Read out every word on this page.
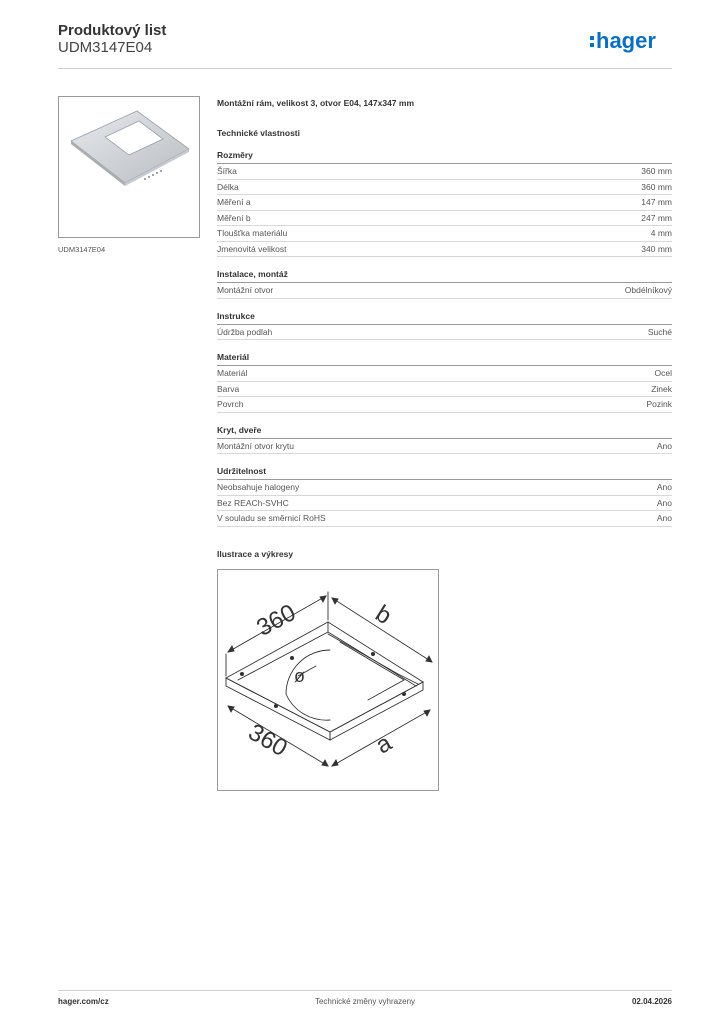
Produktový list
UDM3147E04	hager
UDM3147E04
Montážní rám, velikost 3, otvor E04, 147x347 mm
Technické vlastnosti
Rozměry
Šířka	360 mm
Délka	360 mm
Měření a	147 mm
Měření b	247 mm
Tloušťka materiálu	4 mm
Jmenovitá velikost	340 mm
Instalace, montáž
Montážní otvor	Obdélníkový
Instrukce
Údržba podlah	Suché
Materiál
Materiál	Ocel
Barva	Zinek
Povrch	Pozink
Kryt, dveře
Montážní otvor krytu	Ano
Udržitelnost
Neobsahuje halogeny	Ano
Bez REACh-SVHC	Ano
V souladu se směrnicí RoHS	Ano
Ilustrace a výkresy
360	b
360	a
ø
Technické změny vyhrazeny
hager.com/cz	02.04.2026
